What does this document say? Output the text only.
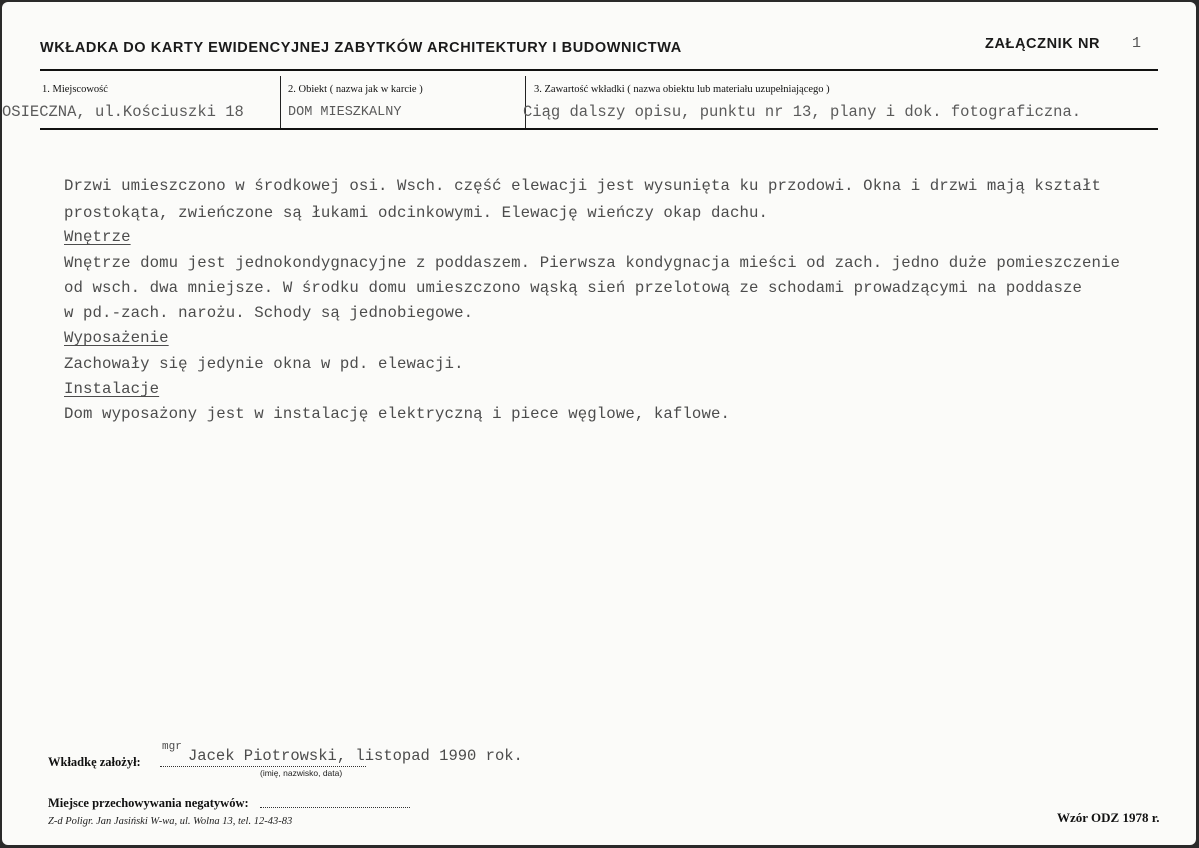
WKŁADKA DO KARTY EWIDENCYJNEJ ZABYTKÓW ARCHITEKTURY I BUDOWNICTWA	ZAŁĄCZNIK NR 1
1. Miejscowość
OSIECZNA, ul.Kościuszki 18
2. Obiekt ( nazwa jak w karcie )
DOM MIESZKALNY
3. Zawartość wkładki ( nazwa obiektu lub materiału uzupełniającego )
Ciąg dalszy opisu, punktu nr 13, plany i dok. fotograficzna.
Drzwi umieszczono w środkowej osi. Wsch. część elewacji jest wysunięta ku przodowi. Okna i drzwi mają kształt
prostokąta, zwieńczone są łukami odcinkowymi. Elewację wieńczy okap dachu.
Wnętrze
Wnętrze domu jest jednokondygnacyjne z poddaszem. Pierwsza kondygnacja mieści od zach. jedno duże pomieszczenie
od wsch. dwa mniejsze. W środku domu umieszczono wąską sień przelotową ze schodami prowadzącymi na poddasze
w pd.-zach. narożu. Schody są jednobiegowe.
Wyposażenie
Zachowały się jedynie okna w pd. elewacji.
Instalacje
Dom wyposażony jest w instalację elektryczną i piece węglowe, kaflowe.
Wkładkę założył:
mgr Jacek Piotrowski, listopad 1990 rok.
(imię, nazwisko, data)
Miejsce przechowywania negatywów:
Z-d Poligr. Jan Jasiński W-wa, ul. Wolna 13, tel. 12-43-83	Wzór ODZ 1978 r.
